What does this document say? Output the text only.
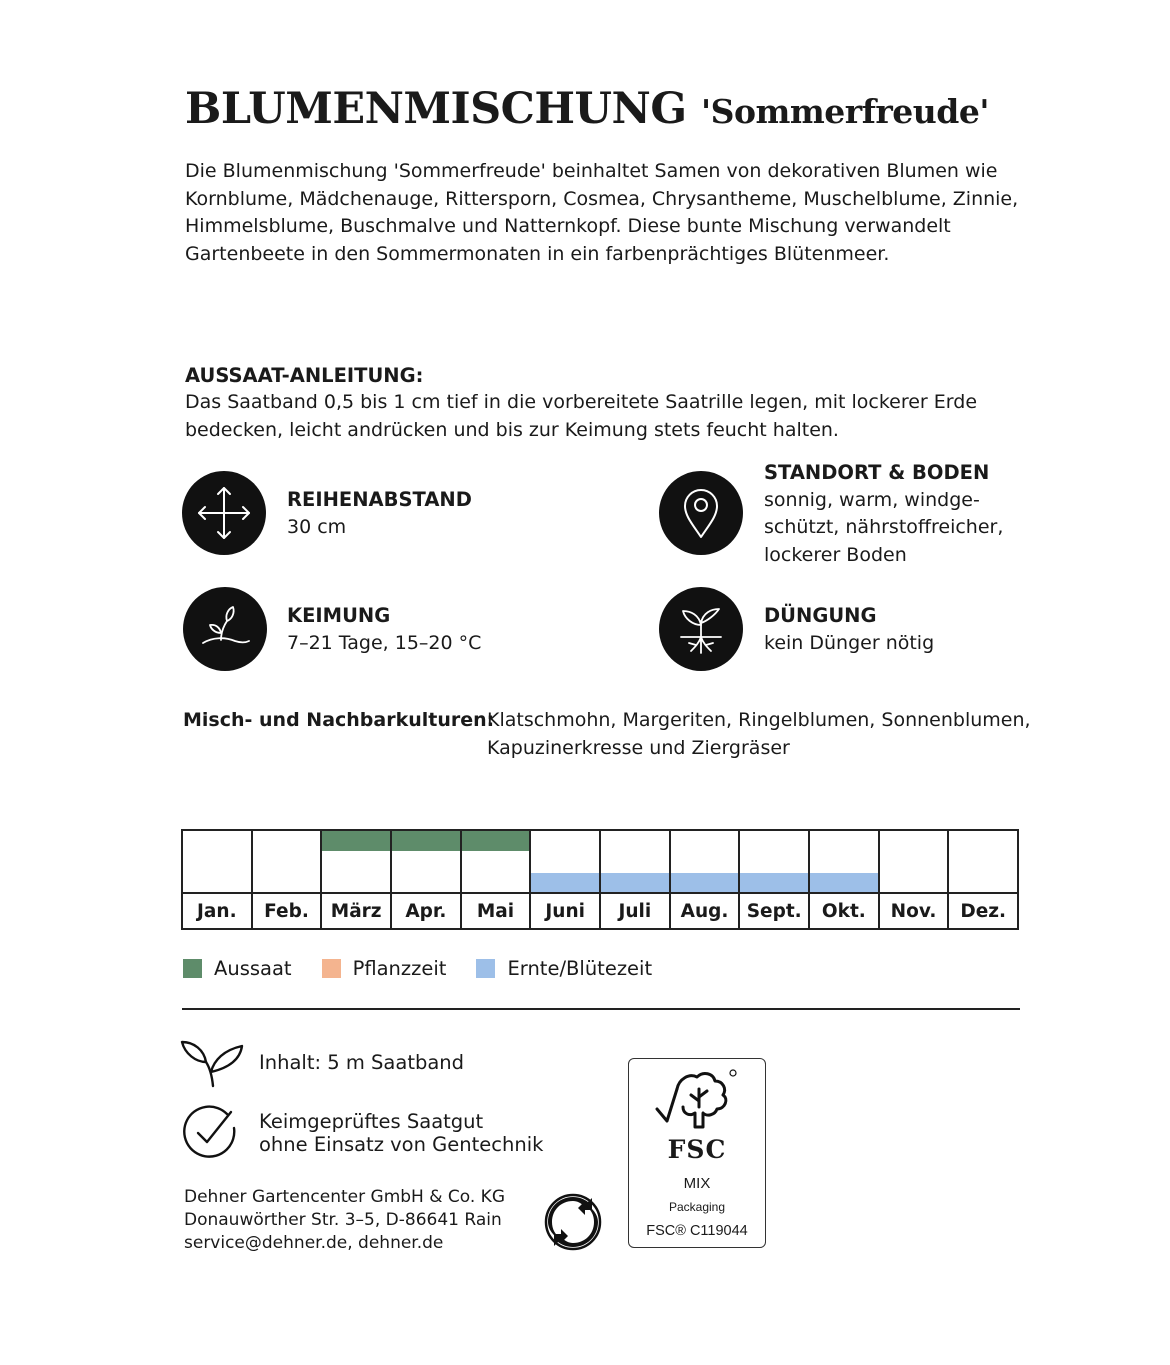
BLUMENMISCHUNG 'Sommerfreude'
Die Blumenmischung 'Sommerfreude' beinhaltet Samen von dekorativen Blumen wie
Kornblume, Mädchenauge, Rittersporn, Cosmea, Chrysantheme, Muschelblume, Zinnie,
Himmelsblume, Buschmalve und Natternkopf. Diese bunte Mischung verwandelt
Gartenbeete in den Sommermonaten in ein farbenprächtiges Blütenmeer.

AUSSAAT-ANLEITUNG:

Das Saatband 0,5 bis 1 cm tief in die vorbereitete Saatrille legen, mit lockerer Erde

bedecken, leicht andrücken und bis zur Keimung stets feucht halten.

REIHENABSTAND

30 cm

STANDORT & BODEN

sonnig, warm, windge-

schützt, nährstoffreicher,

lockerer Boden

KEIMUNG

7–21 Tage, 15–20 °C

DÜNGUNG

kein Dünger nötig

Misch- und Nachbarkulturen:

Klatschmohn, Margeriten, Ringelblumen, Sonnenblumen,

Kapuzinerkresse und Ziergräser

Jan.	Feb.	März	Apr.	Mai	Juni	Juli	Aug. Sept.	Okt.	Nov.	Dez.
Aussaat	Pflanzzeit	Ernte/Blütezeit
Inhalt: 5 m Saatband
Keimgeprüftes Saatgut
ohne Einsatz von Gentechnik
Dehner Gartencenter GmbH & Co. KG
Donauwörther Str. 3–5, D-86641 Rain
service@dehner.de, dehner.de
FSC
MIX
Packaging
FSC® C119044
